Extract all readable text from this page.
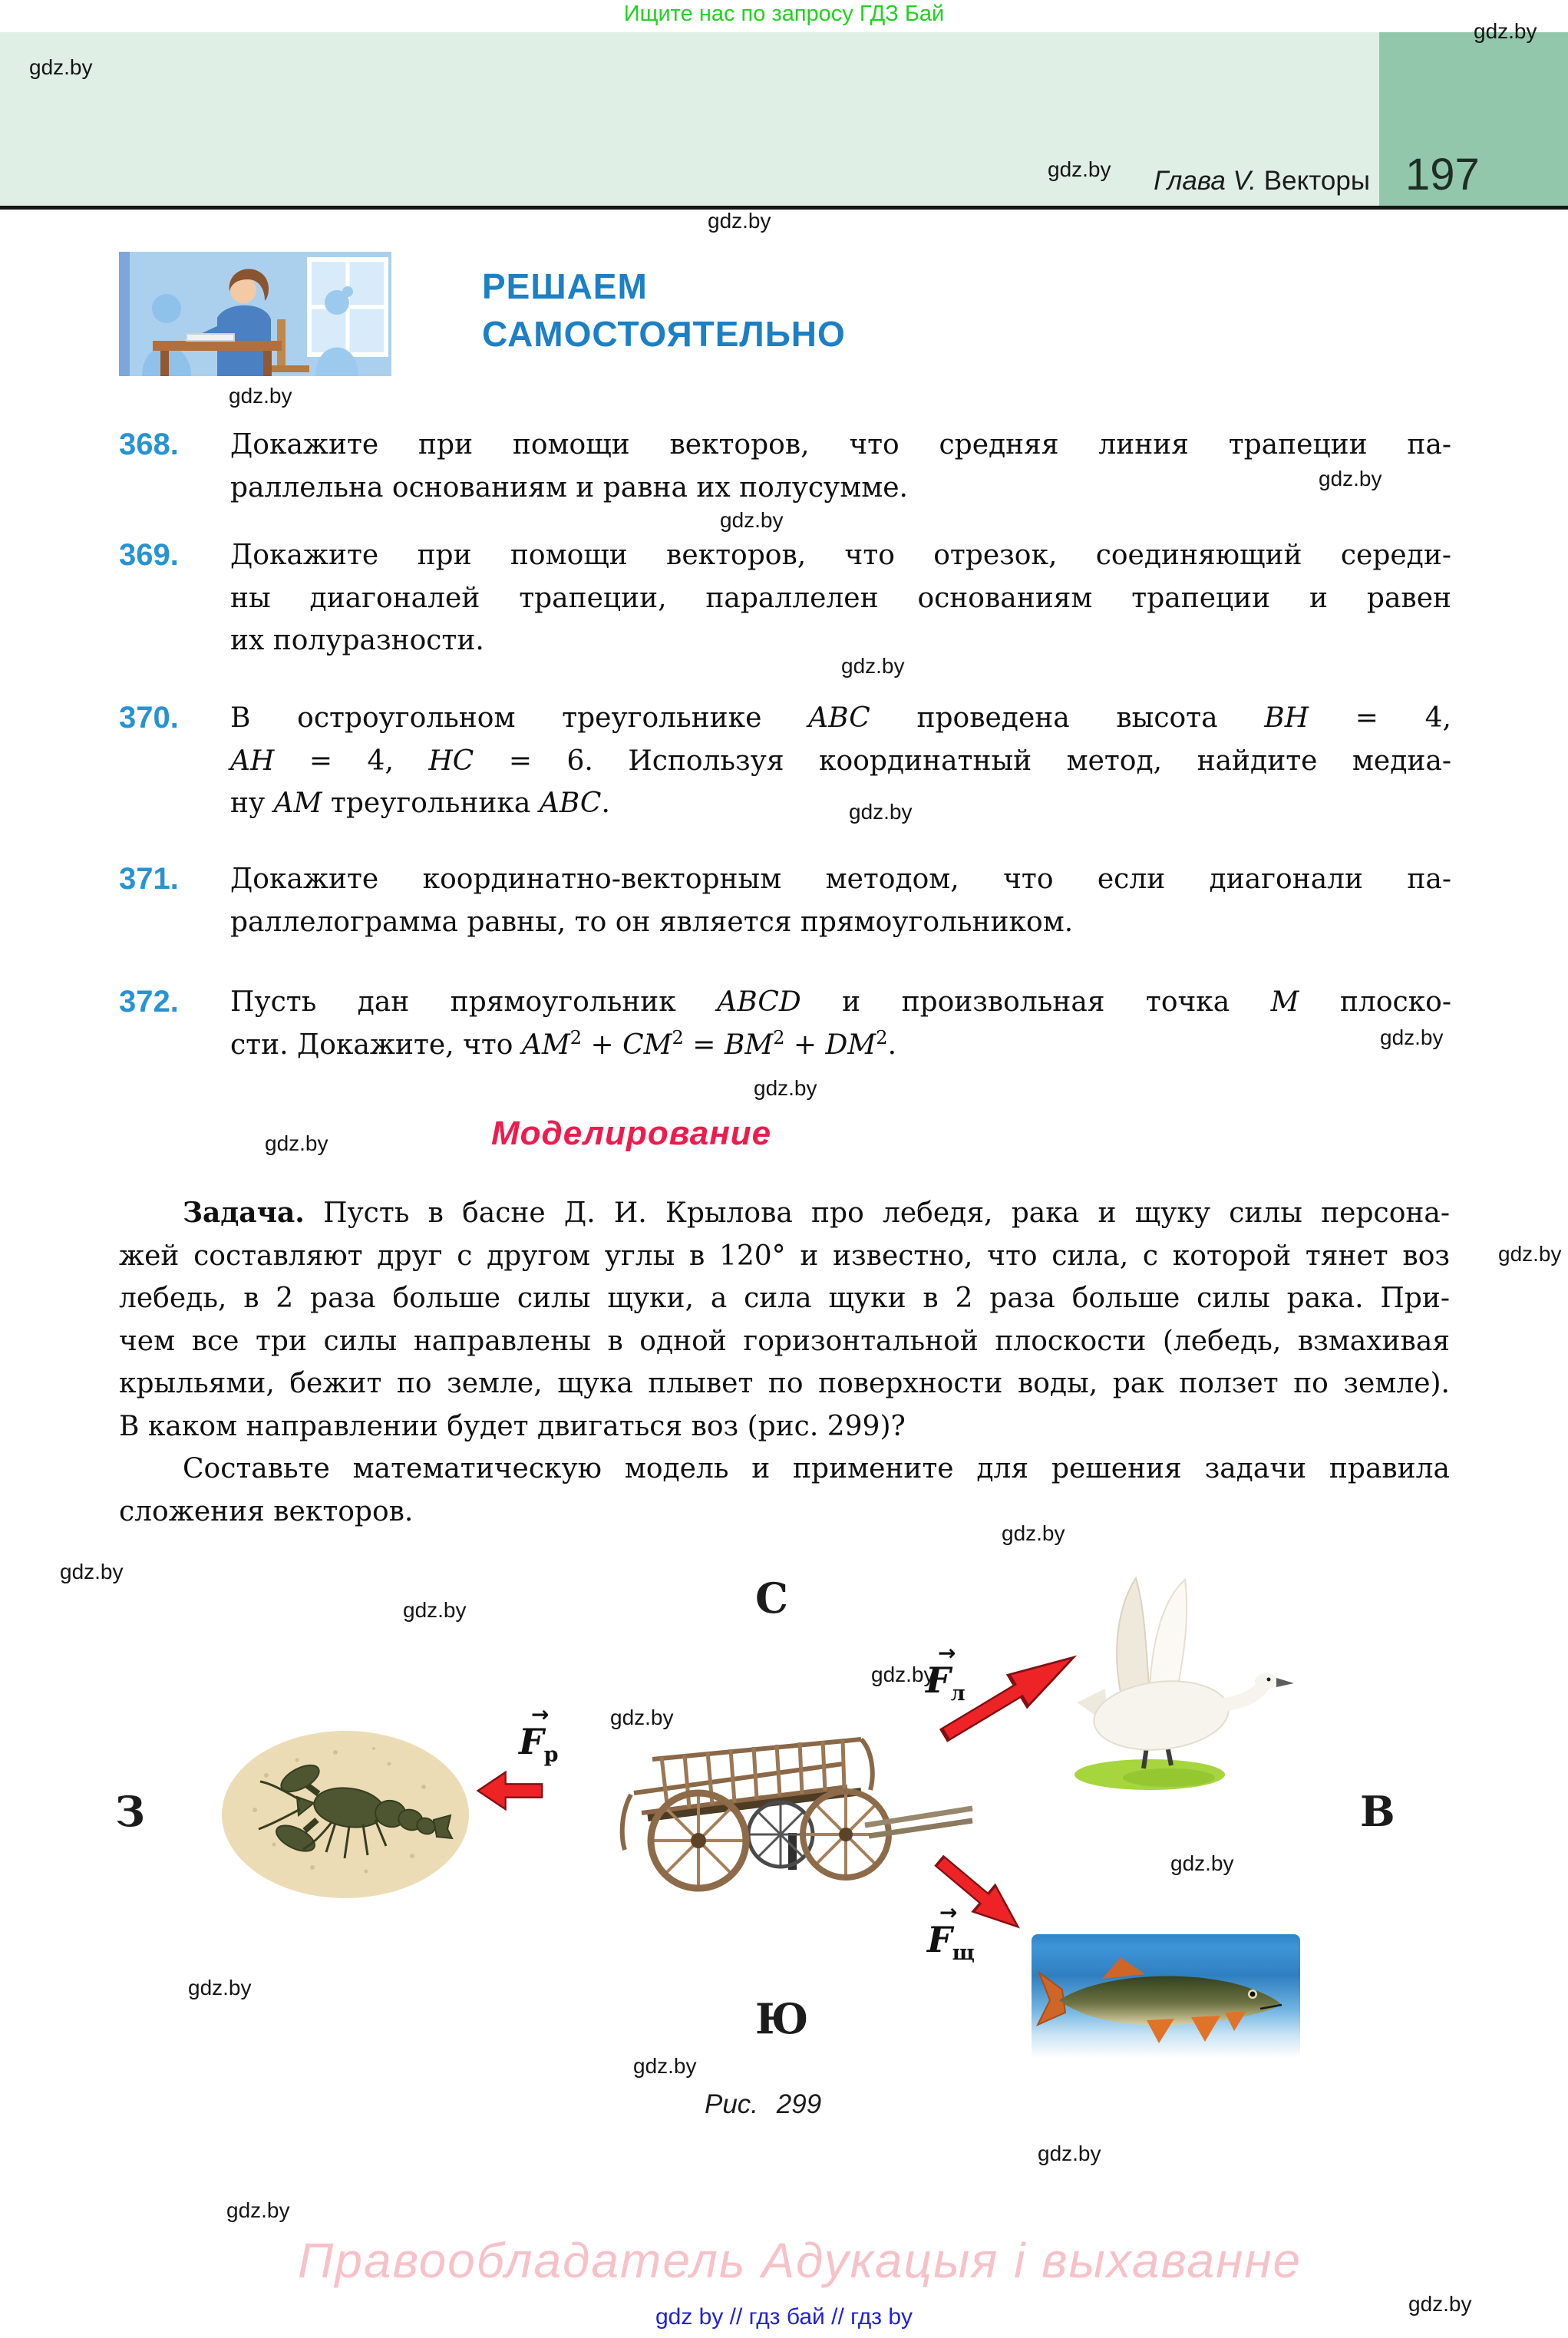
Ищите нас по запросу ГДЗ Бай
Глава V. Векторы 197
РЕШАЕМ
САМОСТОЯТЕЛЬНО
368. Докажите при помощи векторов, что средняя линия трапеции па-
раллельна основаниям и равна их полусумме.
369. Докажите при помощи векторов, что отрезок, соединяющий середи-
ны диагоналей трапеции, параллелен основаниям трапеции и равен
их полуразности.
370. В остроугольном треугольнике ABC проведена высота BH = 4,
AH = 4, HC = 6. Используя координатный метод, найдите медиа-
ну AM треугольника ABC.
371. Докажите координатно-векторным методом, что если диагонали па-
раллелограмма равны, то он является прямоугольником.
372. Пусть дан прямоугольник ABCD и произвольная точка M плоско-
сти. Докажите, что $AM^2 + CM^2 = BM^2 + DM^2$.
Моделирование
Задача. Пусть в басне Д. И. Крылова про лебедя, рака и щуку силы персона-
жей составляют друг с другом углы в 120° и известно, что сила, с которой тянет воз
лебедь, в 2 раза больше силы щуки, а сила щуки в 2 раза больше силы рака. При-
чем все три силы направлены в одной горизонтальной плоскости (лебедь, взмахивая
крыльями, бежит по земле, щука плывет по поверхности воды, рак ползет по земле).
В каком направлении будет двигаться воз (рис. 299)?
Составьте математическую модель и примените для решения задачи правила
сложения векторов.
С
З	В
Ю
→
Fл
→
Fр
→
Fщ
Рис. 299
Правообладатель Адукацыя і выхаванне
gdz by // гдз бай // гдз by
gdz.by
gdz.by
gdz.by
gdz.by
gdz.by
gdz.by
gdz.by
gdz.by
gdz.by
gdz.by
gdz.by
gdz.by
gdz.by
gdz.by
gdz.by
gdz.by
gdz.by
gdz.by
gdz.by
gdz.by
gdz.by
gdz.by
gdz.by
gdz.by
